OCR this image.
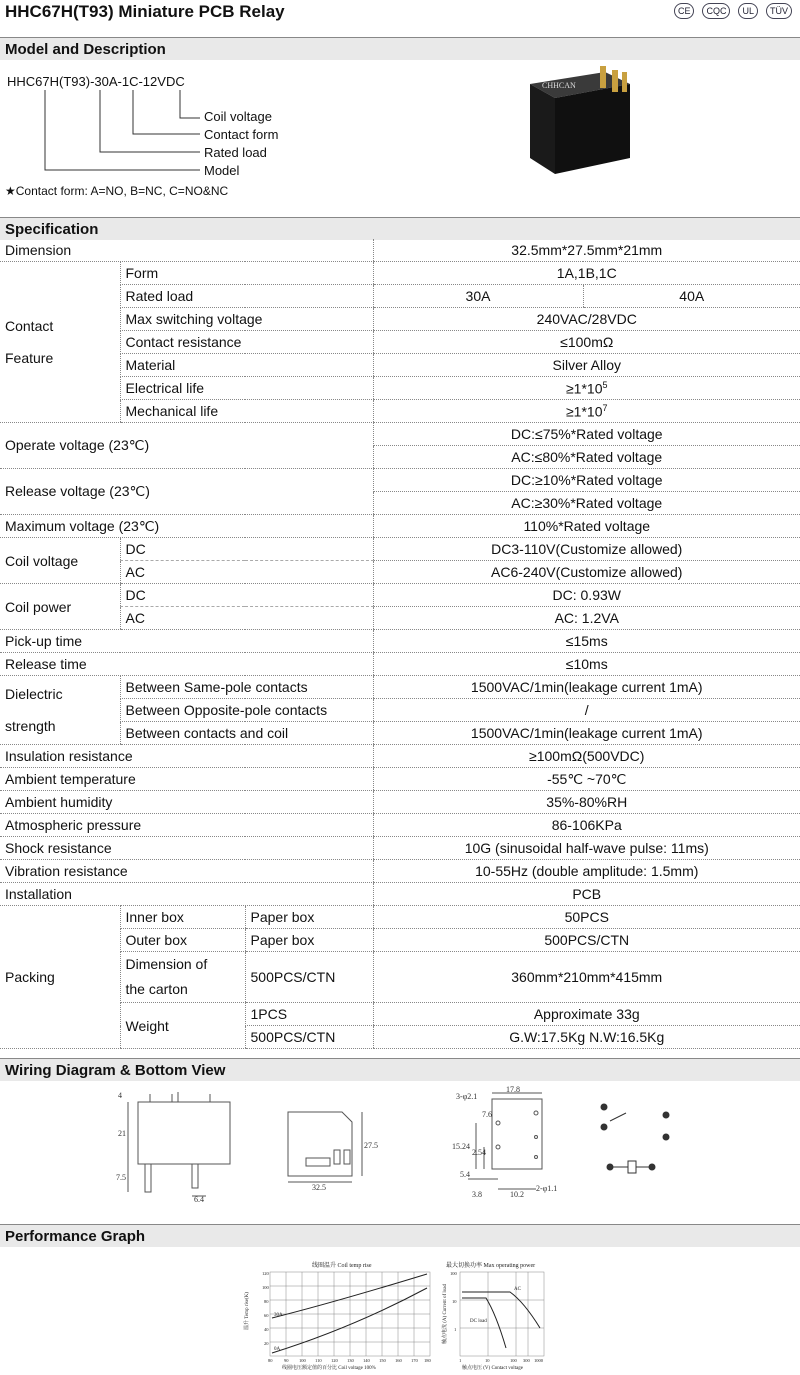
HHC67H(T93) Miniature PCB Relay	CE	CQC	UL	TÜV
Model and Description
HHC67H(T93)-30A-1C-12VDC
Coil voltage
Contact form
Rated load
Model
★Contact form: A=NO, B=NC, C=NO&NC
CHHCAN
Specification
Dimension			32.5mm*27.5mm*21mm	
Contact

Feature	Form		1A,1B,1C	
	Rated load		30A	40A
	Max switching voltage		240VAC/28VDC	
	Contact resistance		≤100mΩ	
	Material		Silver Alloy	
	Electrical life		$\ge 1*10^5$
	Mechanical life		$\ge 1*10^7$
Operate voltage (23℃)			DC:≤75%*Rated voltage	
			AC:≤80%*Rated voltage	
Release voltage (23℃)			DC:≥10%*Rated voltage	
			AC:≥30%*Rated voltage	
Maximum voltage (23℃)			110%*Rated voltage	
Coil voltage	DC		DC3-110V(Customize allowed)	
	AC		AC6-240V(Customize allowed)	
Coil power	DC		DC: 0.93W	
	AC		AC: 1.2VA	
Pick-up time			≤15ms	
Release time			≤10ms	
Dielectric

strength	Between Same-pole contacts		1500VAC/1min(leakage current 1mA)	
	Between Opposite-pole contacts		/	
	Between contacts and coil		1500VAC/1min(leakage current 1mA)	
Insulation resistance			≥100mΩ(500VDC)	
Ambient temperature			-55℃ ~70℃	
Ambient humidity			35%-80%RH	
Atmospheric pressure			86-106KPa	
Shock resistance			10G (sinusoidal half-wave pulse: 11ms)	
Vibration resistance			10-55Hz (double amplitude: 1.5mm)	
Installation			PCB	
Packing	Inner box	Paper box	50PCS	
	Outer box	Paper box	500PCS/CTN	
	Dimension of
the carton	500PCS/CTN	360mm*210mm*415mm	

	Weight	1PCS	Approximate 33g	
		500PCS/CTN	G.W:17.5Kg N.W:16.5Kg	
Wiring Diagram & Bottom View
4
21
7.5
6.4
32.5
27.5
3-φ2.1
17.8
7.6
15.24
2.54
5.4
3.8	10.2
2-φ1.1
Performance Graph
线圈温升 Coil temp rise
温升 Temp rise(K)	30A
0A
120
100
80
60
40
20
80	90 100 110 120 130 140 150 160 170 180
线圈电压额定值的百分比 Coil voltage 100%
最大切换功率 Max operating power
触点电流 (A) Current of load	AC
DC load
100
10
1
1	10	100 300 1000
触点电压 (V) Contact voltage
